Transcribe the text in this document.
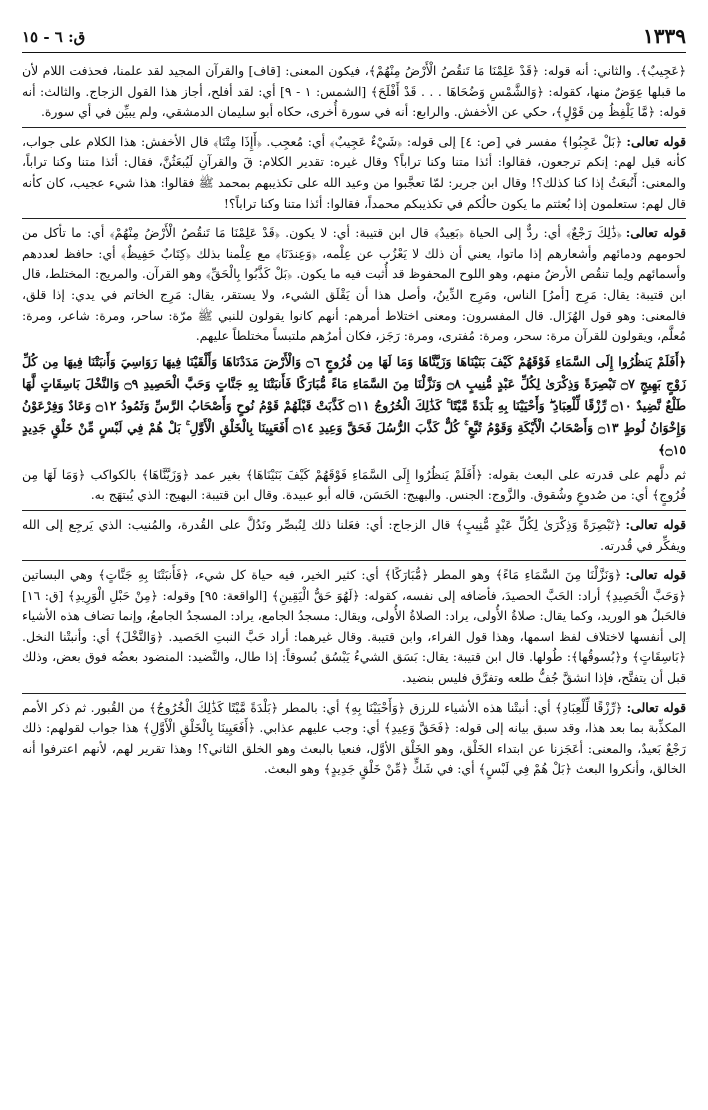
١٣٣٩
ق: ٦ - ١٥

﴿عَجِيبٌ﴾. والثاني: أنه قوله: ﴿قَدْ عَلِمْنَا مَا تَنقُصُ الْأَرْضُ مِنْهُمْ﴾، فيكون المعنى: [قاف] والقرآن المجيد لقد علمنا، فحذفت اللام لأن ما قبلها عِوَضٌ منها، كقوله: ﴿وَالشَّمْسِ وَضُحَاهَا . . . قَدْ أَفْلَحَ﴾ [الشمس: ١ - ٩] أي: لقد أفلح، أجاز هذا القول الزجاج. والثالث: أنه قوله: ﴿مَّا يَلْفِظُ مِن قَوْلٍ﴾، حكي عن الأخفش. والرابع: أنه في سورة أُخرى، حكاه أبو سليمان الدمشقي، ولم يبيِّن في أي سورة.

قوله تعالى:﴿بَلْ عَجِبُوا﴾ مفسر في [ص: ٤] إلى قوله: ﴿شَيْءٌ عَجِيبٌ﴾ أي: مُعجِب. ﴿أَإِذَا مِتْنَا﴾ قال الأخفش: هذا الكلام على جواب، كأنه قيل لهم: إنكم ترجعون، فقالوا: أئذا متنا وكنا تراباً؟ وقال غيره: تقدير الكلام: قَ والقرآنِ لَيُبعَثُنَّ، فقال: أئذا متنا وكنا تراباً، والمعنى: أَنُبعَثُ إذا كنا كذلك؟! وقال ابن جرير: لمّا تعجَّبوا من وعيد الله على تكذيبهم بمحمد ﷺ فقالوا: هذا شيء عجيب، كان كأنه قال لهم: ستعلمون إذا بُعثتم ما يكون حالُكم في تكذيبكم محمداً، فقالوا: أئذا متنا وكنا تراباً؟!

قوله تعالى:﴿ذَٰلِكَ رَجْعٌ﴾ أي: ردٌّ إلى الحياة ﴿بَعِيدٌ﴾ قال ابن قتيبة: أي: لا يكون. ﴿قَدْ عَلِمْنَا مَا تَنقُصُ الْأَرْضُ مِنْهُمْ﴾ أي: ما تأكل من لحومهم ودمائهم وأشعارهم إذا ماتوا، يعني أن ذلك لا يَعْزُب عن عِلْمه، ﴿وَعِندَنَا﴾ مع عِلْمنا بذلك ﴿كِتَابٌ حَفِيظٌ﴾ أي: حافظ لعددهم وأسمائهم ولِما تنقُص الأرضُ منهم، وهو اللوح المحفوظ قد أُثبت فيه ما يكون. ﴿بَلْ كَذَّبُوا بِالْحَقِّ﴾ وهو القرآن. والمريج: المختلط، قال ابن قتيبة: يقال: مَرِج [أمرُ] الناس، ومَرِج الدِّينُ، وأصل هذا أن يَقْلَق الشيء، ولا يستقر، يقال: مَرِج الخاتم في يدي: إذا قلق، فالمعنى: وهو قول الهُزَال. قال المفسرون: ومعنى اختلاط أمرهم: أنهم كانوا يقولون للنبي ﷺ مرّة: ساحر، ومرة: شاعر، ومرة: مُعلَّم، ويقولون للقرآن مرة: سحر، ومرة: مُفترى، ومرة: رَجَز، فكان أمرُهم ملتبساً مختلطاً عليهم.

﴿أَفَلَمْ يَنظُرُوا إِلَى السَّمَاءِ فَوْقَهُمْ كَيْفَ بَنَيْنَاهَا وَزَيَّنَّاهَا وَمَا لَهَا مِن فُرُوجٍ ۝٦ وَالْأَرْضَ مَدَدْنَاهَا وَأَلْقَيْنَا فِيهَا رَوَاسِيَ وَأَنبَتْنَا فِيهَا مِن كُلِّ زَوْجٍ بَهِيجٍ ۝٧ تَبْصِرَةً وَذِكْرَىٰ لِكُلِّ عَبْدٍ مُّنِيبٍ ۝٨ وَنَزَّلْنَا مِنَ السَّمَاءِ مَاءً مُّبَارَكًا فَأَنبَتْنَا بِهِ جَنَّاتٍ وَحَبَّ الْحَصِيدِ ۝٩ وَالنَّخْلَ بَاسِقَاتٍ لَّهَا طَلْعٌ نَّضِيدٌ ۝١٠ رِّزْقًا لِّلْعِبَادِ ۖ وَأَحْيَيْنَا بِهِ بَلْدَةً مَّيْتًا ۚ كَذَٰلِكَ الْخُرُوجُ ۝١١ كَذَّبَتْ قَبْلَهُمْ قَوْمُ نُوحٍ وَأَصْحَابُ الرَّسِّ وَثَمُودُ ۝١٢ وَعَادٌ وَفِرْعَوْنُ وَإِخْوَانُ لُوطٍ ۝١٣ وَأَصْحَابُ الْأَيْكَةِ وَقَوْمُ تُبَّعٍ ۚ كُلٌّ كَذَّبَ الرُّسُلَ فَحَقَّ وَعِيدِ ۝١٤ أَفَعَيِينَا بِالْخَلْقِ الْأَوَّلِ ۚ بَلْ هُمْ فِي لَبْسٍ مِّنْ خَلْقٍ جَدِيدٍ ۝١٥﴾

ثم دلَّهم على قدرته على البعث بقوله: ﴿أَفَلَمْ يَنظُرُوا إِلَى السَّمَاءِ فَوْقَهُمْ كَيْفَ بَنَيْنَاهَا﴾ بغير عمد ﴿وَزَيَّنَّاهَا﴾ بالكواكب ﴿وَمَا لَهَا مِن فُرُوجٍ﴾ أي: من صُدوعٍ وشُقوق. والزَّوج: الجنس. والبهيج: الحَسَن، قاله أبو عبيدة. وقال ابن قتيبة: البهيج: الذي يُبتهَج به.

قوله تعالى:﴿تَبْصِرَةً وَذِكْرَىٰ لِكُلِّ عَبْدٍ مُّنِيبٍ﴾ قال الزجاج: أي: فعَلنا ذلك لِنُبصِّر ونَدُلَّ على القُدرة، والمُنيب: الذي يَرجِع إلى الله ويفكِّر في قُدرته.

قوله تعالى:﴿وَنَزَّلْنَا مِنَ السَّمَاءِ مَاءً﴾ وهو المطر ﴿مُّبَارَكًا﴾ أي: كثير الخير، فيه حياة كل شيء، ﴿فَأَنبَتْنَا بِهِ جَنَّاتٍ﴾ وهي البساتين ﴿وَحَبَّ الْحَصِيدِ﴾ أراد: الحَبَّ الحصيدَ، فأضافه إلى نفسه، كقوله: ﴿لَهُوَ حَقُّ الْيَقِينِ﴾ [الواقعة: ٩٥] وقوله: ﴿مِنْ حَبْلِ الْوَرِيدِ﴾ [ق: ١٦] فالحَبلُ هو الوريد، وكما يقال: صلاةُ الأُولى، يراد: الصلاةُ الأُولى، ويقال: مسجدُ الجامع، يراد: المسجدُ الجامعُ، وإنما تضاف هذه الأشياء إلى أنفسها لاختلاف لفظ اسمها، وهذا قول الفراء، وابن قتيبة. وقال غيرهما: أراد حَبَّ النبتِ الحَصيد. ﴿وَالنَّخْلَ﴾ أي: وأنبتْنا النخل. ﴿بَاسِقَاتٍ﴾ و﴿بُسوقُها﴾: طُولها. قال ابن قتيبة: يقال: بَسَق الشيءُ يَبْسُق بُسوقاً: إذا طال، والنَّضيد: المنضود بعضُه فوق بعض، وذلك قبل أن يتفتَّح، فإذا انشقَّ جُفُّ طلعه وتفرَّق فليس بنضيد.

قوله تعالى:﴿رِّزْقًا لِّلْعِبَادِ﴾ أي: أنبتْنا هذه الأشياء للرزق ﴿وَأَحْيَيْنَا بِهِ﴾ أي: بالمطر ﴿بَلْدَةً مَّيْتًا كَذَٰلِكَ الْخُرُوجُ﴾ من القُبور. ثم ذكر الأمم المكذِّبة بما بعد هذا، وقد سبق بيانه إلى قوله: ﴿فَحَقَّ وَعِيدِ﴾ أي: وجب عليهم عذابي. ﴿أَفَعَيِينَا بِالْخَلْقِ الْأَوَّلِ﴾ هذا جواب لقولهم: ذلك رَجْعٌ بَعيدٌ، والمعنى: أعَجَزنا عن ابتداء الخَلْق، وهو الخَلْق الأوَّل، فنعيا بالبعث وهو الخلق الثاني؟! وهذا تقرير لهم، لأنهم اعترفوا أنه الخالق، وأنكروا البعث ﴿بَلْ هُمْ فِي لَبْسٍ﴾ أي: في شَكٍّ ﴿مِّنْ خَلْقٍ جَدِيدٍ﴾ وهو البعث.
